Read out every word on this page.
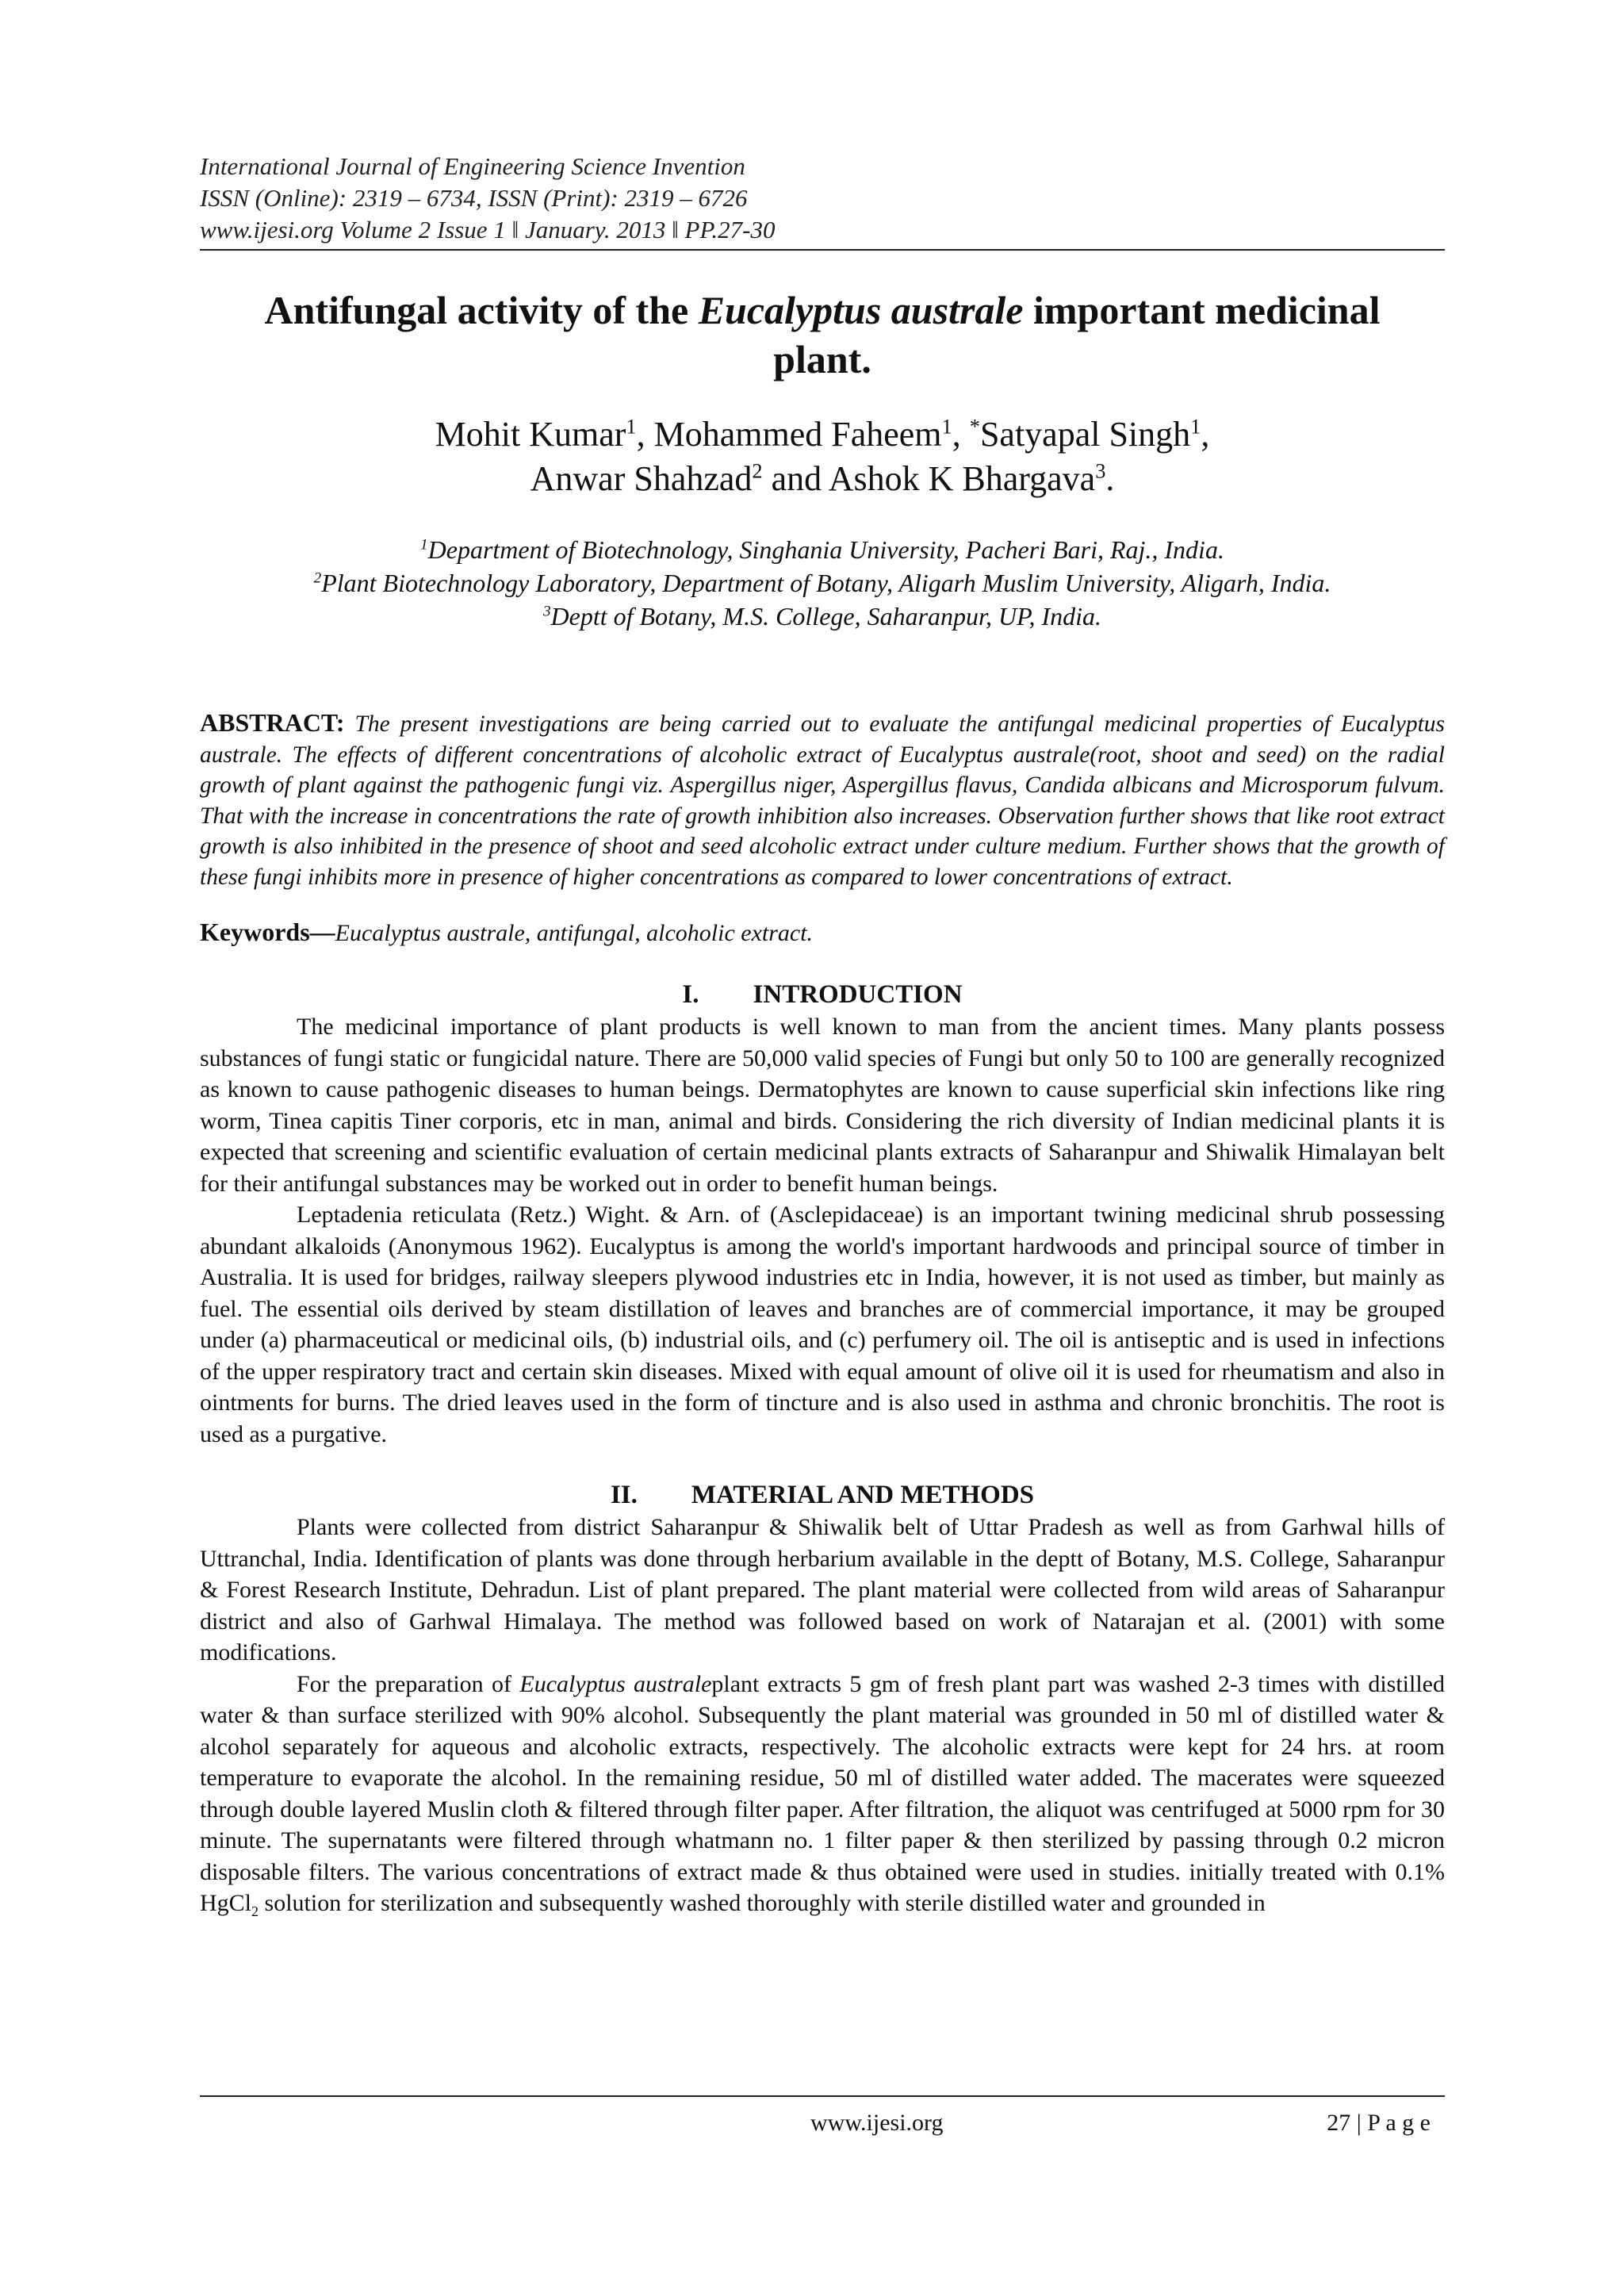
International Journal of Engineering Science Invention
ISSN (Online): 2319 – 6734, ISSN (Print): 2319 – 6726
www.ijesi.org Volume 2 Issue 1 ǁ January. 2013 ǁ PP.27-30
Antifungal activity of the Eucalyptus australe important medicinal plant.
Mohit Kumar$^1$, Mohammed Faheem$^1$, *Satyapal Singh$^1$,
Anwar Shahzad$^2$ and Ashok K Bhargava$^3$.
$^1$Department of Biotechnology, Singhania University, Pacheri Bari, Raj., India.
$^2$Plant Biotechnology Laboratory, Department of Botany, Aligarh Muslim University, Aligarh, India.
$^3$Deptt of Botany, M.S. College, Saharanpur, UP, India.
ABSTRACT: The present investigations are being carried out to evaluate the antifungal medicinal properties of Eucalyptus australe. The effects of different concentrations of alcoholic extract of Eucalyptus australe(root, shoot and seed) on the radial growth of plant against the pathogenic fungi viz. Aspergillus niger, Aspergillus flavus, Candida albicans and Microsporum fulvum. That with the increase in concentrations the rate of growth inhibition also increases. Observation further shows that like root extract growth is also inhibited in the presence of shoot and seed alcoholic extract under culture medium. Further shows that the growth of these fungi inhibits more in presence of higher concentrations as compared to lower concentrations of extract.
Keywords—Eucalyptus australe, antifungal, alcoholic extract.
I. INTRODUCTION

The medicinal importance of plant products is well known to man from the ancient times. Many plants possess substances of fungi static or fungicidal nature. There are 50,000 valid species of Fungi but only 50 to 100 are generally recognized as known to cause pathogenic diseases to human beings. Dermatophytes are known to cause superficial skin infections like ring worm, Tinea capitis Tiner corporis, etc in man, animal and birds. Considering the rich diversity of Indian medicinal plants it is expected that screening and scientific evaluation of certain medicinal plants extracts of Saharanpur and Shiwalik Himalayan belt for their antifungal substances may be worked out in order to benefit human beings.

Leptadenia reticulata (Retz.) Wight. & Arn. of (Asclepidaceae) is an important twining medicinal shrub possessing abundant alkaloids (Anonymous 1962). Eucalyptus is among the world's important hardwoods and principal source of timber in Australia. It is used for bridges, railway sleepers plywood industries etc in India, however, it is not used as timber, but mainly as fuel. The essential oils derived by steam distillation of leaves and branches are of commercial importance, it may be grouped under (a) pharmaceutical or medicinal oils, (b) industrial oils, and (c) perfumery oil. The oil is antiseptic and is used in infections of the upper respiratory tract and certain skin diseases. Mixed with equal amount of olive oil it is used for rheumatism and also in ointments for burns. The dried leaves used in the form of tincture and is also used in asthma and chronic bronchitis. The root is used as a purgative.

II. MATERIAL AND METHODS

Plants were collected from district Saharanpur & Shiwalik belt of Uttar Pradesh as well as from Garhwal hills of Uttranchal, India. Identification of plants was done through herbarium available in the deptt of Botany, M.S. College, Saharanpur & Forest Research Institute, Dehradun. List of plant prepared. The plant material were collected from wild areas of Saharanpur district and also of Garhwal Himalaya. The method was followed based on work of Natarajan et al. (2001) with some modifications.

For the preparation of Eucalyptus australeplant extracts 5 gm of fresh plant part was washed 2-3 times with distilled water & than surface sterilized with 90% alcohol. Subsequently the plant material was grounded in 50 ml of distilled water & alcohol separately for aqueous and alcoholic extracts, respectively. The alcoholic extracts were kept for 24 hrs. at room temperature to evaporate the alcohol. In the remaining residue, 50 ml of distilled water added. The macerates were squeezed through double layered Muslin cloth & filtered through filter paper. After filtration, the aliquot was centrifuged at 5000 rpm for 30 minute. The supernatants were filtered through whatmann no. 1 filter paper & then sterilized by passing through 0.2 micron disposable filters. The various concentrations of extract made & thus obtained were used in studies. initially treated with 0.1% HgCl$_2$ solution for sterilization and subsequently washed thoroughly with sterile distilled water and grounded in

www.ijesi.org	27 | P a g e
